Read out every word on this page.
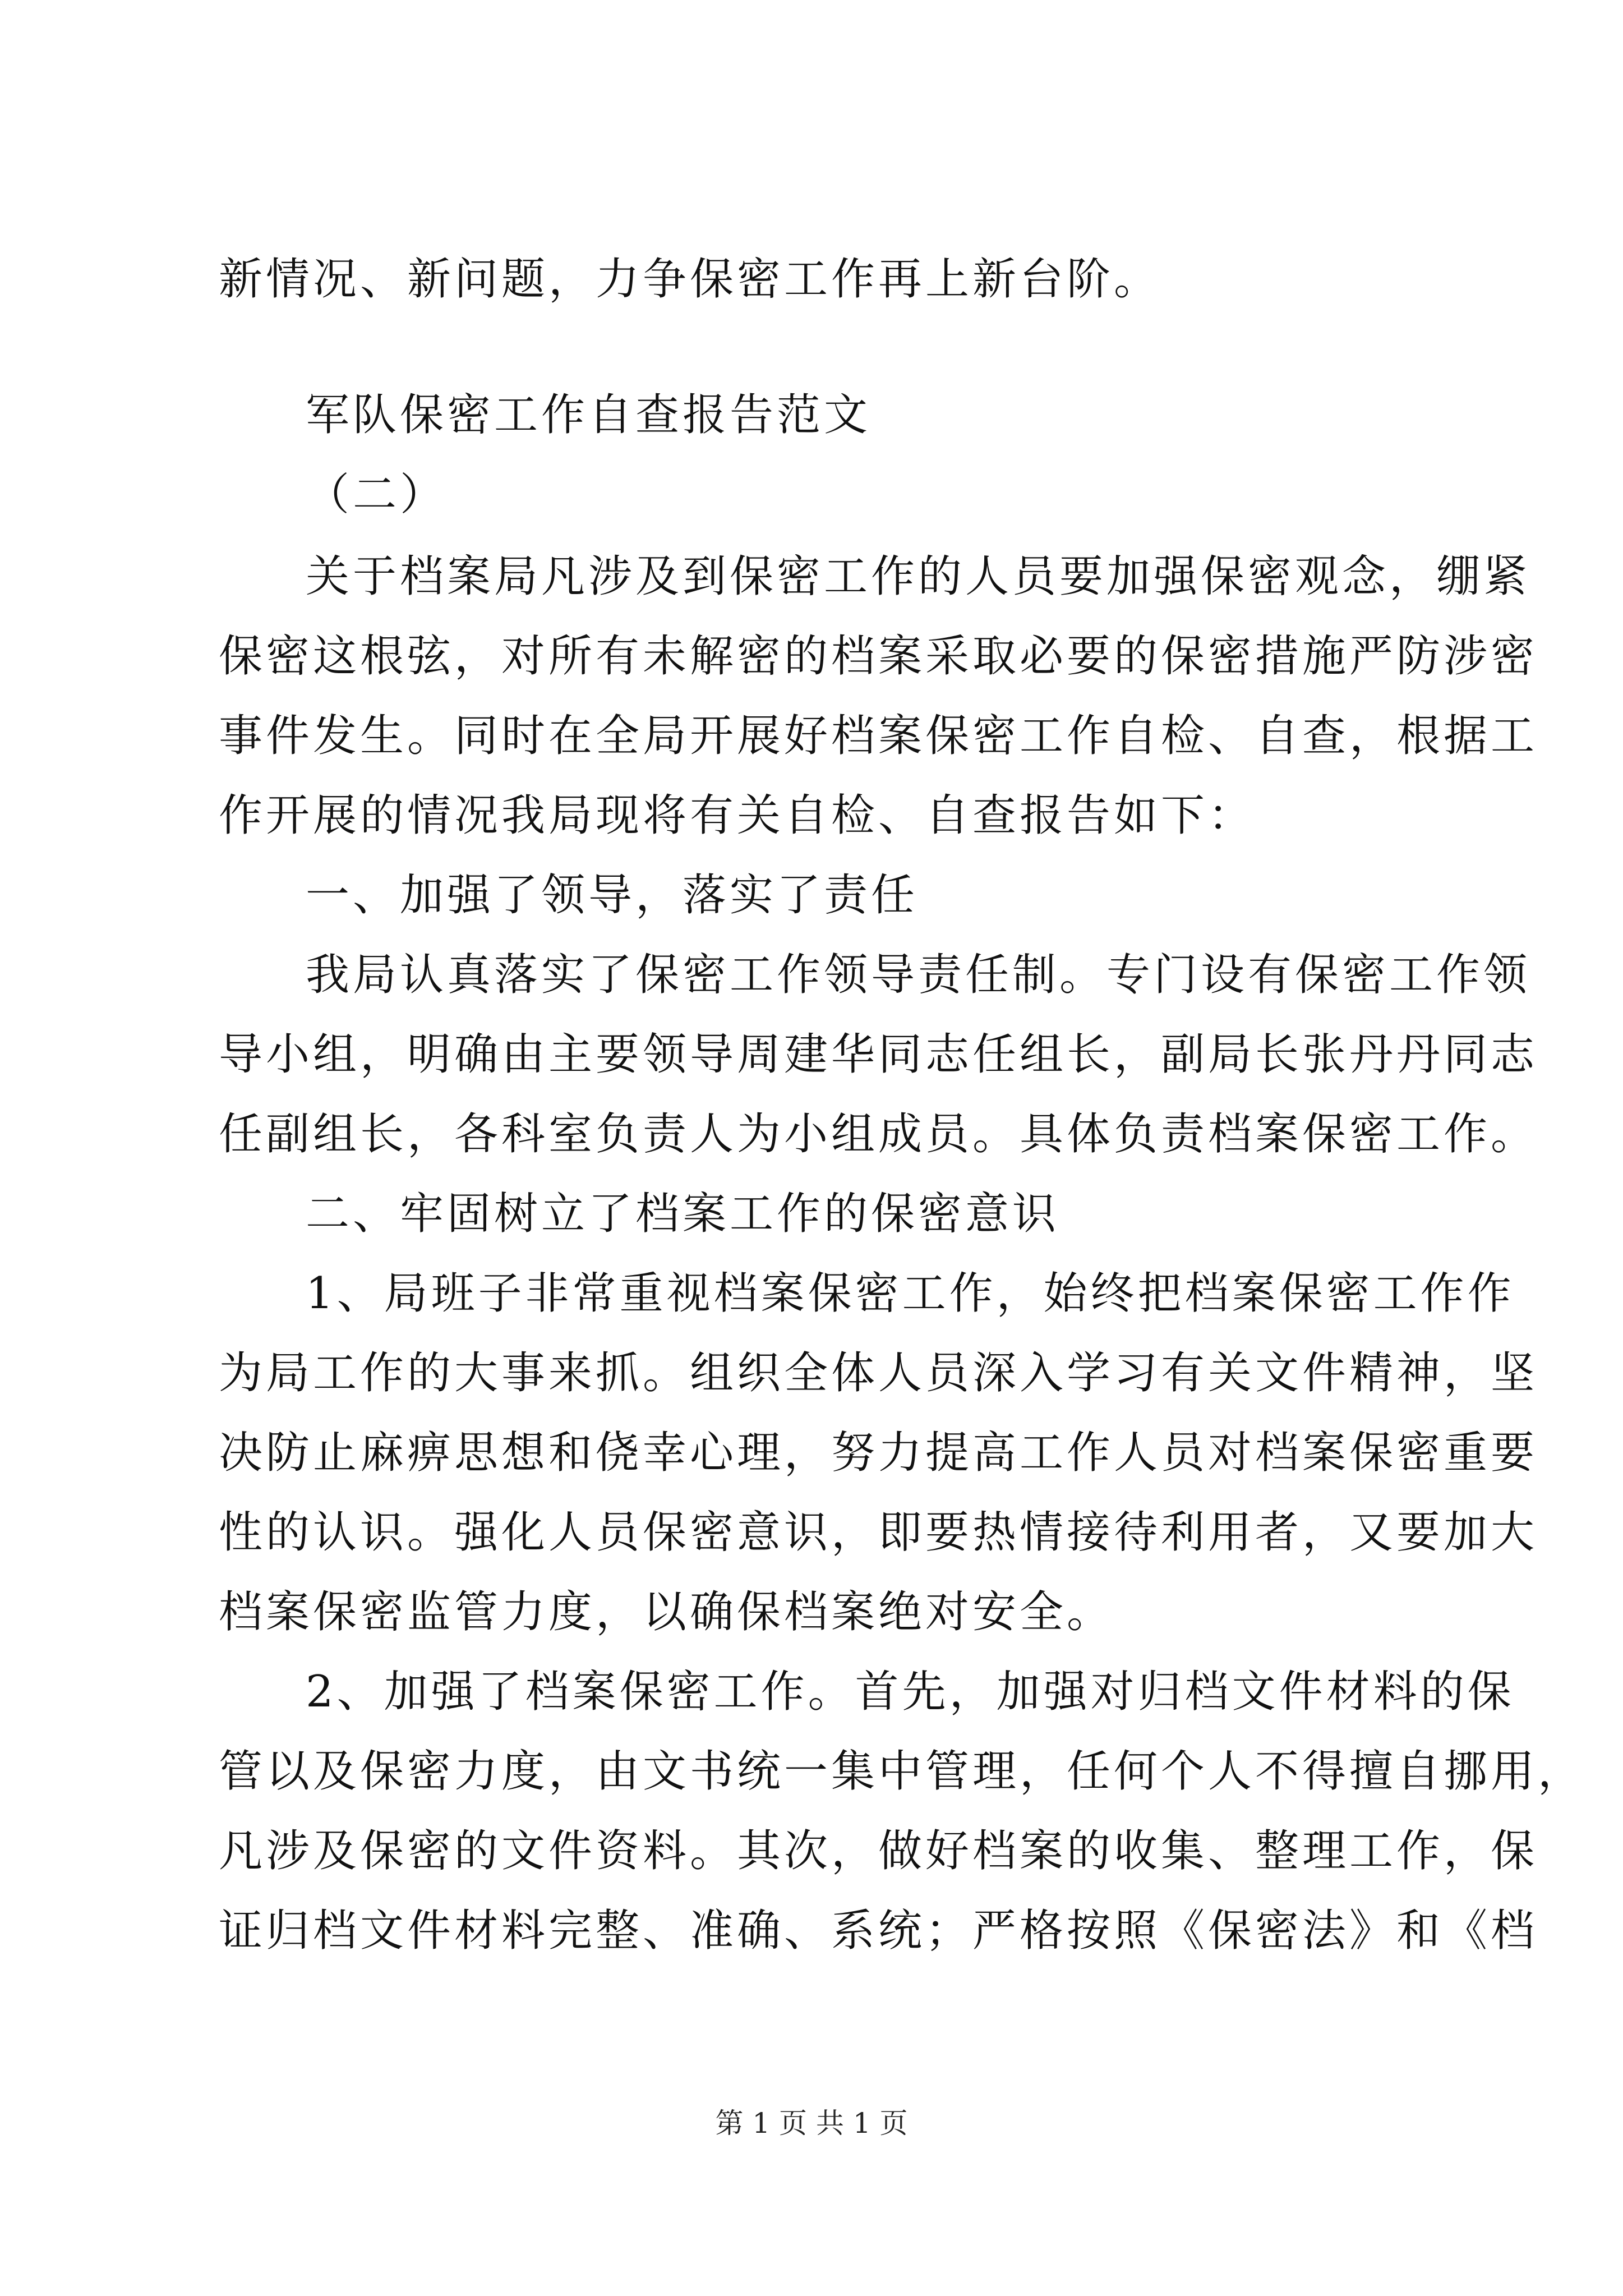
新情况、新问题，力争保密工作再上新台阶。
军队保密工作自查报告范文
（二）
关于档案局凡涉及到保密工作的人员要加强保密观念，绷紧
保密这根弦，对所有未解密的档案采取必要的保密措施严防涉密
事件发生。同时在全局开展好档案保密工作自检、自查，根据工
作开展的情况我局现将有关自检、自查报告如下：
一、加强了领导，落实了责任
我局认真落实了保密工作领导责任制。专门设有保密工作领
导小组，明确由主要领导周建华同志任组长，副局长张丹丹同志
任副组长，各科室负责人为小组成员。具体负责档案保密工作。
二、牢固树立了档案工作的保密意识
1、局班子非常重视档案保密工作，始终把档案保密工作作
为局工作的大事来抓。组织全体人员深入学习有关文件精神，坚
决防止麻痹思想和侥幸心理，努力提高工作人员对档案保密重要
性的认识。强化人员保密意识，即要热情接待利用者，又要加大
档案保密监管力度，以确保档案绝对安全。
2、加强了档案保密工作。首先，加强对归档文件材料的保
管以及保密力度，由文书统一集中管理，任何个人不得擅自挪用，
凡涉及保密的文件资料。其次，做好档案的收集、整理工作，保
证归档文件材料完整、准确、系统；严格按照《保密法》和《档
第 1 页 共 1 页
